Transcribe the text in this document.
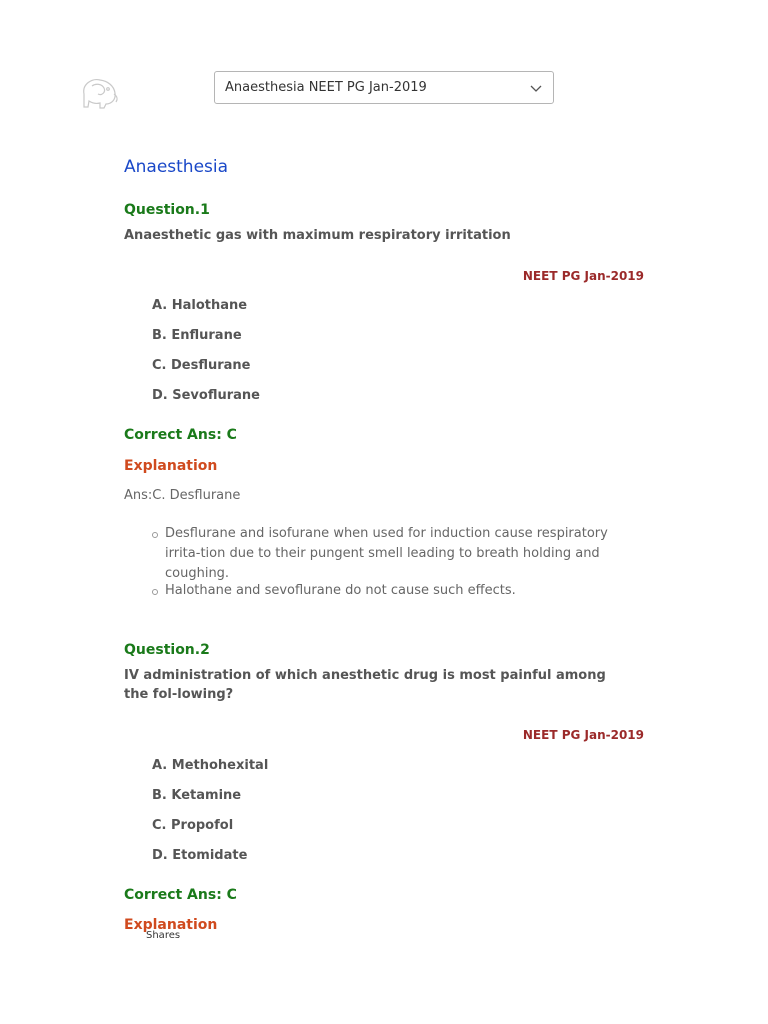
Anaesthesia NEET PG Jan-2019
Anaesthesia
Question.1
Anaesthetic gas with maximum respiratory irritation
NEET PG Jan-2019
A. Halothane
B. Enflurane
C. Desflurane
D. Sevoflurane
Correct Ans: C
Explanation
Ans:C. Desflurane
Desflurane and isofurane when used for induction cause respiratory irrita-tion due to their pungent smell leading to breath holding and coughing.
Halothane and sevoflurane do not cause such effects.
Question.2
IV administration of which anesthetic drug is most painful among the fol-lowing?
NEET PG Jan-2019
A. Methohexital
B. Ketamine
C. Propofol
D. Etomidate
Correct Ans: C
Explanation
Shares
